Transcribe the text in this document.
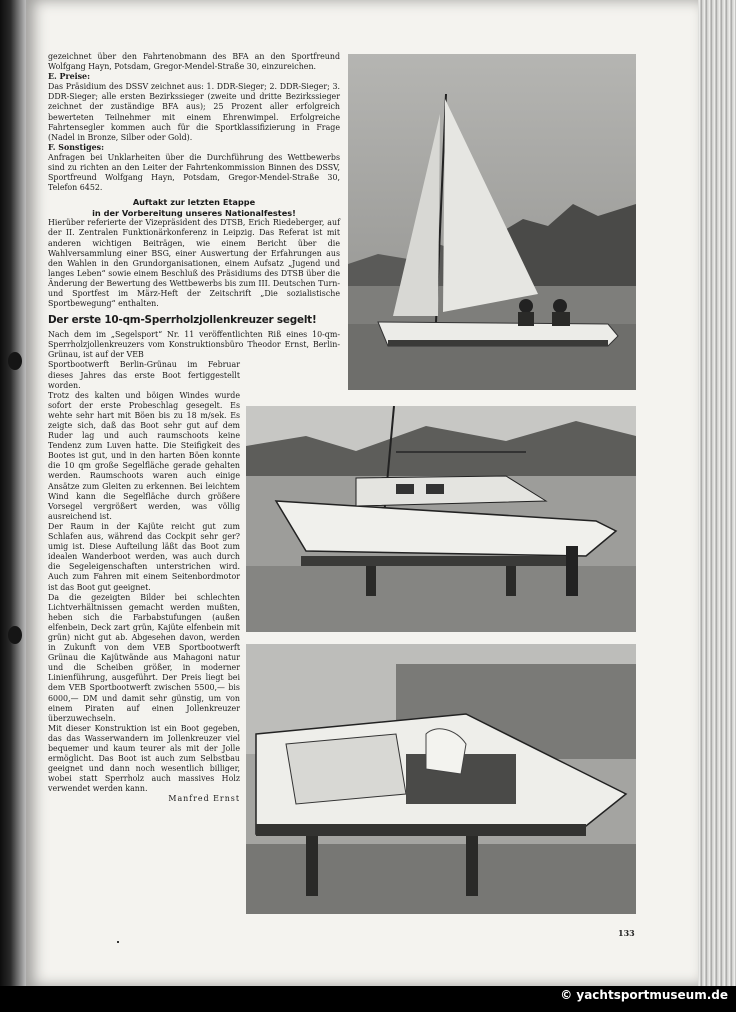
gezeichnet über den Fahrtenobmann des BFA an den Sportfreund Wolfgang Hayn, Potsdam, Gregor-Mendel-Straße 30, einzureichen.

E. Preise:

Das Präsidium des DSSV zeichnet aus: 1. DDR-Sieger; 2. DDR-Sieger; 3. DDR-Sieger; alle ersten Bezirkssieger (zweite und dritte Bezirkssieger zeichnet der zuständige BFA aus); 25 Prozent aller erfolgreich bewerteten Teilnehmer mit einem Ehrenwimpel. Erfolgreiche Fahrtensegler kommen auch für die Sportklassifizierung in Frage (Nadel in Bronze, Silber oder Gold).

F. Sonstiges:

Anfragen bei Unklarheiten über die Durchführung des Wettbewerbs sind zu richten an den Leiter der Fahrtenkommission Binnen des DSSV, Sportfreund Wolfgang Hayn, Potsdam, Gregor-Mendel-Straße 30, Telefon 6452.

Auftakt zur letzten Etappe
in der Vorbereitung unseres Nationalfestes!

Hierüber referierte der Vizepräsident des DTSB, Erich Riedeberger, auf der II. Zentralen Funktionärkonferenz in Leipzig. Das Referat ist mit anderen wichtigen Beiträgen, wie einem Bericht über die Wahlversammlung einer BSG, einer Auswertung der Erfahrungen aus den Wahlen in den Grundorganisationen, einem Aufsatz „Jugend und langes Leben“ sowie einem Beschluß des Präsidiums des DTSB über die Änderung der Bewertung des Wettbewerbs bis zum III. Deutschen Turn- und Sportfest im März-Heft der Zeitschrift „Die sozialistische Sportbewegung“ enthalten.

Der erste 10-qm-Sperrholzjollenkreuzer segelt!

Nach dem im „Segelsport“ Nr. 11 veröffentlichten Riß eines 10-qm-Sperrholzjollenkreuzers vom Konstruktionsbüro Theodor Ernst, Berlin-Grünau, ist auf der VEB

Sportbootwerft Berlin-Grünau im Februar dieses Jahres das erste Boot fertiggestellt worden.

Trotz des kalten und böigen Windes wurde sofort der erste Probeschlag gesegelt. Es wehte sehr hart mit Böen bis zu 18 m/sek. Es zeigte sich, daß das Boot sehr gut auf dem Ruder lag und auch raumschoots keine Tendenz zum Luven hatte. Die Steifigkeit des Bootes ist gut, und in den harten Böen konnte die 10 qm große Segelfläche gerade gehalten werden. Raumschoots waren auch einige Ansätze zum Gleiten zu erkennen. Bei leichtem Wind kann die Segelfläche durch größere Vorsegel vergrößert werden, was völlig ausreichend ist.

Der Raum in der Kajüte reicht gut zum Schlafen aus, während das Cockpit sehr ger?umig ist. Diese Aufteilung läßt das Boot zum idealen Wanderboot werden, was auch durch die Segeleigenschaften unterstrichen wird. Auch zum Fahren mit einem Seitenbordmotor ist das Boot gut geeignet.

Da die gezeigten Bilder bei schlechten Lichtverhältnissen gemacht werden mußten, heben sich die Farbabstufungen (außen elfenbein, Deck zart grün, Kajüte elfenbein mit grün) nicht gut ab. Abgesehen davon, werden in Zukunft von dem VEB Sportbootwerft Grünau die Kajütwände aus Mahagoni natur und die Scheiben größer, in moderner Linienführung, ausgeführt. Der Preis liegt bei dem VEB Sportbootwerft zwischen 5500,— bis 6000,— DM und damit sehr günstig, um von einem Piraten auf einen Jollenkreuzer überzuwechseln.

Mit dieser Konstruktion ist ein Boot gegeben, das das Wasserwandern im Jollenkreuzer viel bequemer und kaum teurer als mit der Jolle ermöglicht. Das Boot ist auch zum Selbstbau geeignet und dann noch wesentlich billiger, wobei statt Sperrholz auch massives Holz verwendet werden kann.

Manfred Ernst

133
© yachtsportmuseum.de
